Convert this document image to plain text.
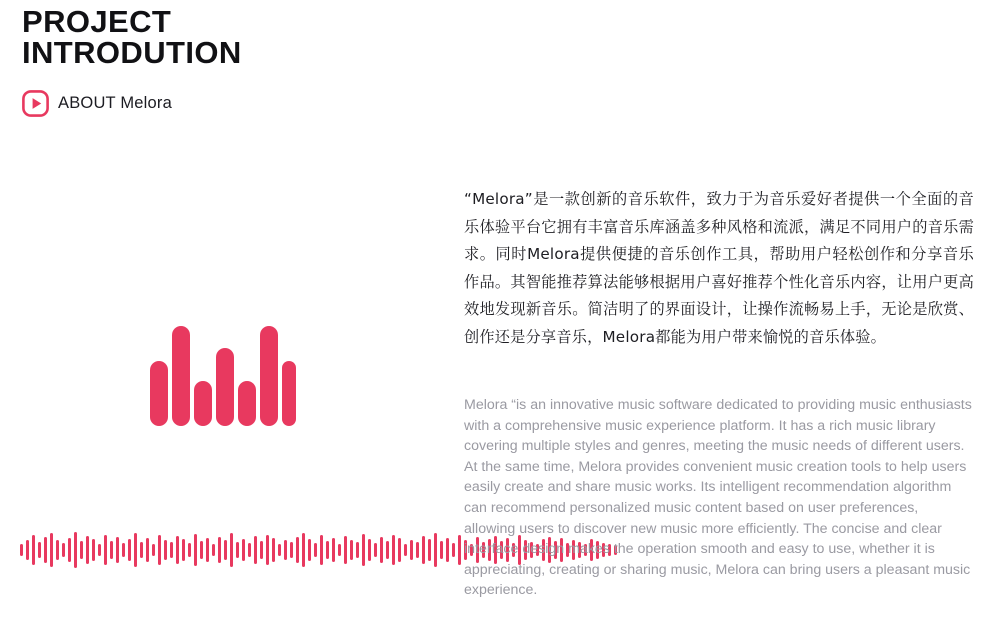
PROJECT
INTRODUTION
ABOUT Melora

“Melora”是一款创新的音乐软件，致力于为音乐爱好者提供一个全面的音乐体验平台它拥有丰富音乐库涵盖多种风格和流派，满足不同用户的音乐需求。同时Melora提供便捷的音乐创作工具，帮助用户轻松创作和分享音乐作品。其智能推荐算法能够根据用户喜好推荐个性化音乐内容，让用户更高效地发现新音乐。简洁明了的界面设计，让操作流畅易上手，无论是欣赏、创作还是分享音乐，Melora都能为用户带来愉悦的音乐体验。

Melora “is an innovative music software dedicated to providing music enthusiasts with a comprehensive music experience platform. It has a rich music library covering multiple styles and genres, meeting the music needs of different users. At the same time, Melora provides convenient music creation tools to help users easily create and share music works. Its intelligent recommendation algorithm can recommend personalized music content based on user preferences, allowing users to discover new music more efficiently. The concise and clear interface design makes the operation smooth and easy to use, whether it is appreciating, creating or sharing music, Melora can bring users a pleasant music experience.
